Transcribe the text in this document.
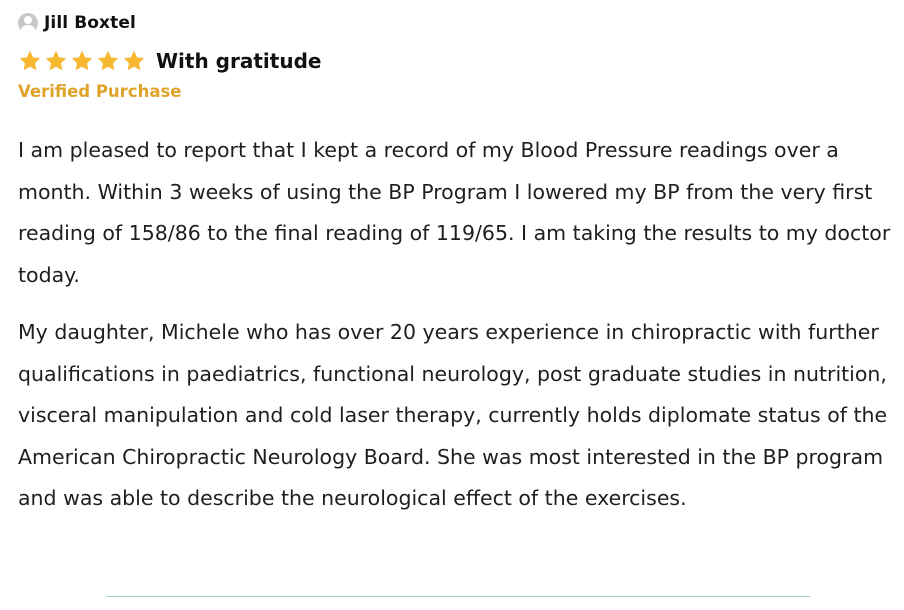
Jill Boxtel
With gratitude
Verified Purchase

I am pleased to report that I kept a record of my Blood Pressure readings over a month. Within 3 weeks of using the BP Program I lowered my BP from the very first reading of 158/86 to the final reading of 119/65. I am taking the results to my doctor today.

My daughter, Michele who has over 20 years experience in chiropractic with further qualifications in paediatrics, functional neurology, post graduate studies in nutrition, visceral manipulation and cold laser therapy, currently holds diplomate status of the American Chiropractic Neurology Board. She was most interested in the BP program and was able to describe the neurological effect of the exercises.
